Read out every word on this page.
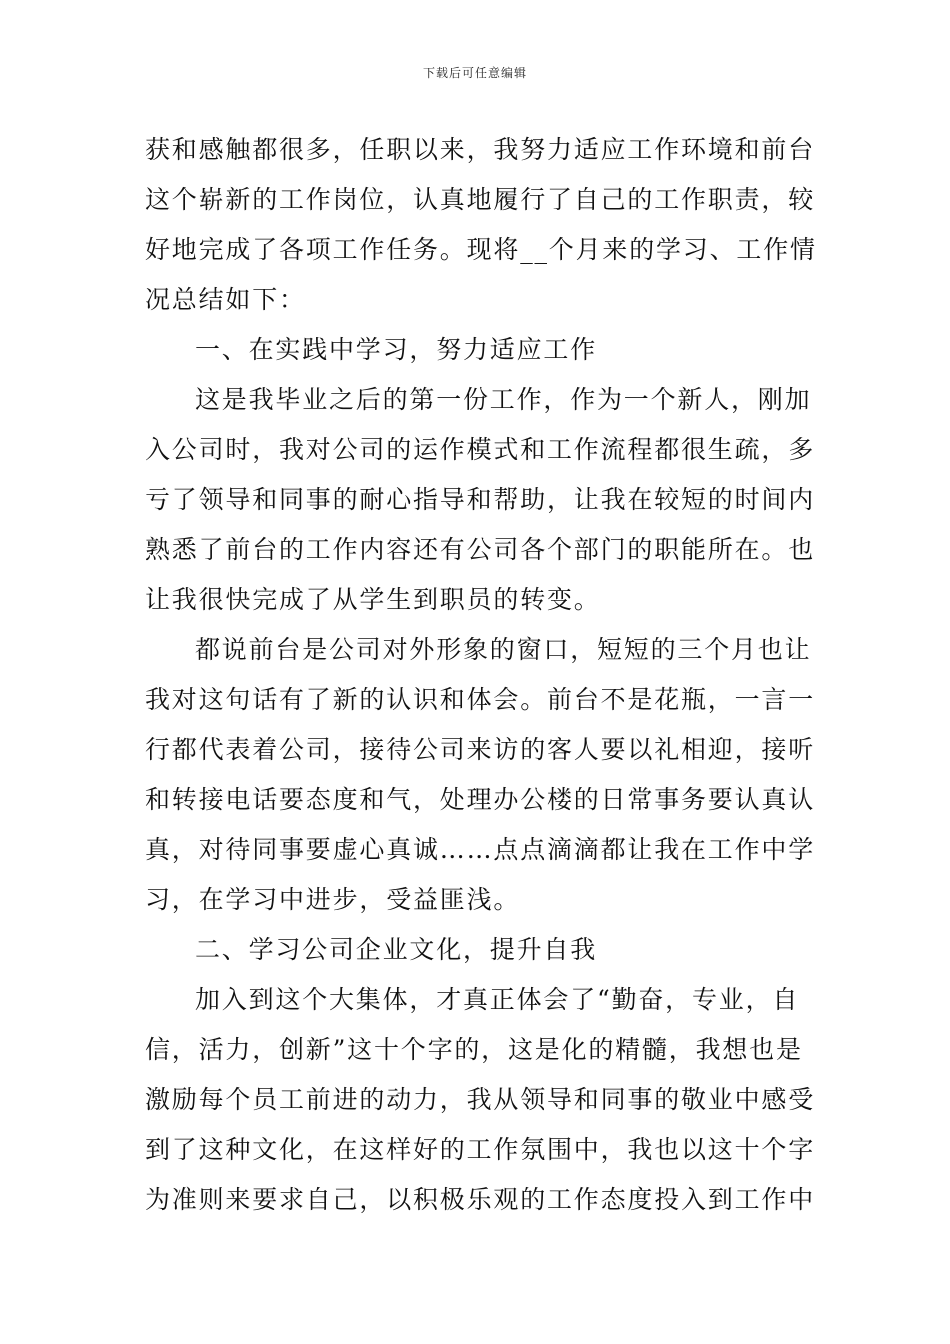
下载后可任意编辑
获和感触都很多，任职以来，我努力适应工作环境和前台
这个崭新的工作岗位，认真地履行了自己的工作职责，较
好地完成了各项工作任务。现将__个月来的学习、工作情
况总结如下：
一、在实践中学习，努力适应工作
这是我毕业之后的第一份工作，作为一个新人，刚加
入公司时，我对公司的运作模式和工作流程都很生疏，多
亏了领导和同事的耐心指导和帮助，让我在较短的时间内
熟悉了前台的工作内容还有公司各个部门的职能所在。也
让我很快完成了从学生到职员的转变。
都说前台是公司对外形象的窗口，短短的三个月也让
我对这句话有了新的认识和体会。前台不是花瓶，一言一
行都代表着公司，接待公司来访的客人要以礼相迎，接听
和转接电话要态度和气，处理办公楼的日常事务要认真认
真，对待同事要虚心真诚……点点滴滴都让我在工作中学
习，在学习中进步，受益匪浅。
二、学习公司企业文化，提升自我
加入到这个大集体，才真正体会了“勤奋，专业，自
信，活力，创新”这十个字的，这是化的精髓，我想也是
激励每个员工前进的动力，我从领导和同事的敬业中感受
到了这种文化，在这样好的工作氛围中，我也以这十个字
为准则来要求自己，以积极乐观的工作态度投入到工作中
